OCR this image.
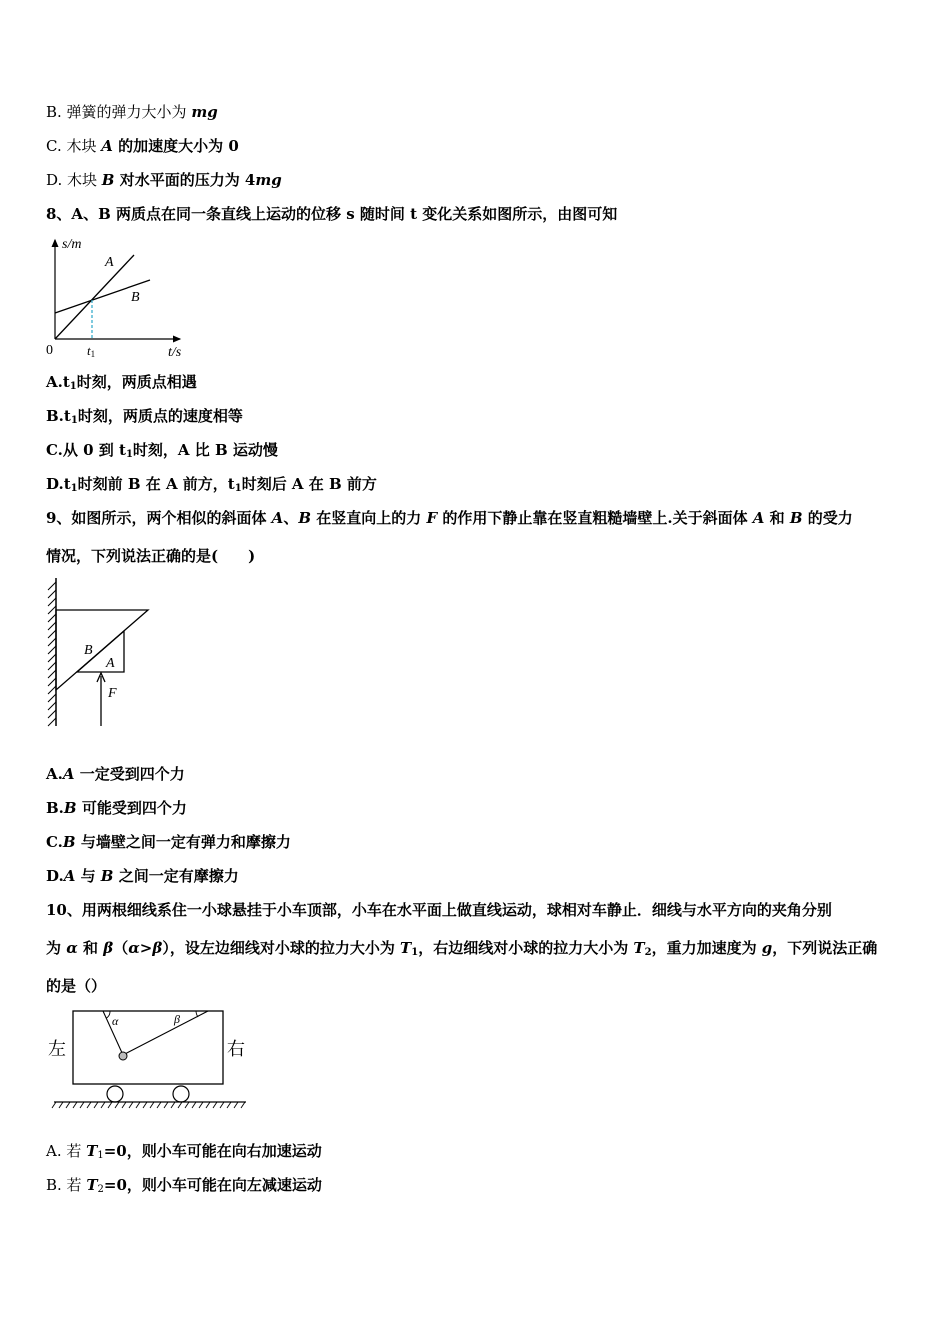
B. 弹簧的弹力大小为 mg
C. 木块 A 的加速度大小为 0
D. 木块 B 对水平面的压力为 4mg
8、A、B 两质点在同一条直线上运动的位移 s 随时间 t 变化关系如图所示，由图可知
s/m
t/s
0	t1
A
B
$A.t_1$时刻，两质点相遇
$B.t_1$时刻，两质点的速度相等
C.从 0 到 $t_1$时刻，A 比 B 运动慢
$D.t_1$时刻前 B 在 A 前方，$t_1$时刻后 A 在 B 前方
9、如图所示，两个相似的斜面体 A、B 在竖直向上的力 F 的作用下静止靠在竖直粗糙墙壁上.关于斜面体 A 和 B 的受力
情况，下列说法正确的是(　　)
B
A
F
A.A 一定受到四个力
B.B 可能受到四个力
C.B 与墙壁之间一定有弹力和摩擦力
D.A 与 B 之间一定有摩擦力
10、用两根细线系住一小球悬挂于小车顶部，小车在水平面上做直线运动，球相对车静止．细线与水平方向的夹角分别
为 α 和 β（α>β），设左边细线对小球的拉力大小为 $T_1$，右边细线对小球的拉力大小为 $T_2$，重力加速度为 g，下列说法正确
的是（）
左	右
α	β
A. 若 $T_1=0$，则小车可能在向右加速运动
B. 若 $T_2=0$，则小车可能在向左减速运动
